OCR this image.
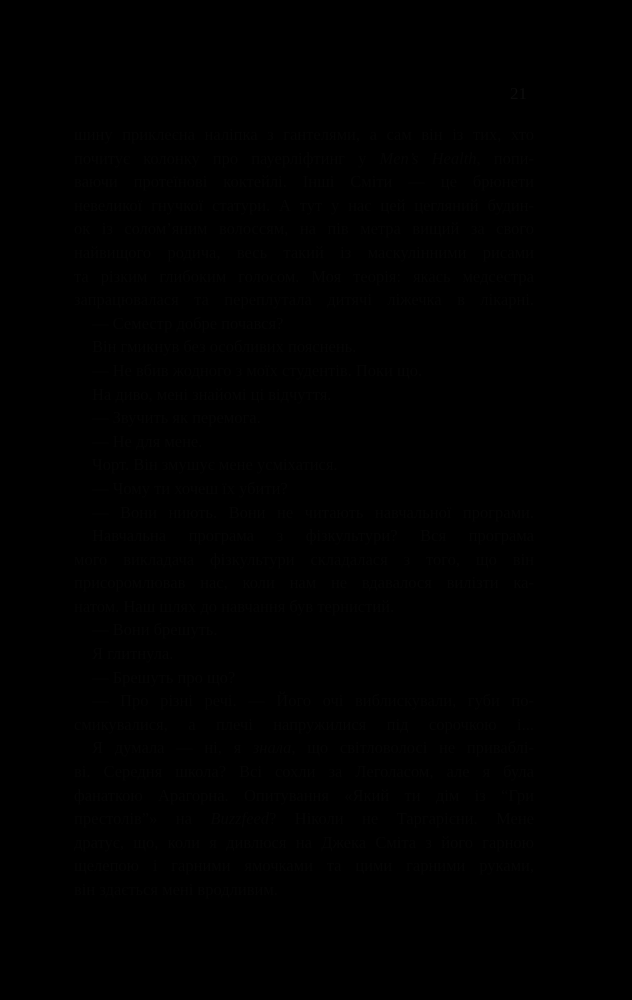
21
шину приклеєна наліпка з гантелями, а сам він із тих, хто
почитує колонку про пауерліфтинг у Men’s Health, попи-
ваючи протеїнові коктейлі. Інші Сміти — це брюнети
невеликої гнучкої статури. А тут у нас цей цегляний будин-
ок із солом’яним волоссям, на пів метра вищий за свого
найвищого родича, весь такий із маскулінними рисами
та різким глибоким голосом. Моя теорія: якась медсестра
запрацювалася та переплутала дитячі ліжечка в лікарні.
— Семестр добре почався?
Він гмикнув без особливих пояснень.
— Не вбив жодного з моїх студентів. Поки що.
На диво, мені знайомі ці відчуття.
— Звучить як перемога.
— Не для мене.
Чорт. Він змушує мене усміхатися.
— Чому ти хочеш їх убити?
— Вони ниють. Вони не читають навчальної програми.
Навчальна програма з фізкультури? Вся програма
мого викладача фізкультури складалася з того, що він
присоромлював нас, коли нам не вдавалося вилізти ка-
натом. Наш шлях до навчання був тернистий.
— Вони брешуть.
Я глитнула.
— Брешуть про що?
— Про різні речі. — Його очі виблискували, губи по-
смикувалися, а плечі напружилися під сорочкою і...
Я думала — ні, я знала, що світловолосі не приваблі-
ві. Середня школа? Всі сохли за Леголасом, але я була
фанаткою Арагорна. Опитування «Який ти дім із “Гри
престолів”» на Buzzfeed? Ніколи не Таргарієни. Мене
дратує, що, коли я дивлюся на Джека Сміта з його гарною
щелепою і гарними ямочками та цими гарними руками,
він здається мені вродливим.
